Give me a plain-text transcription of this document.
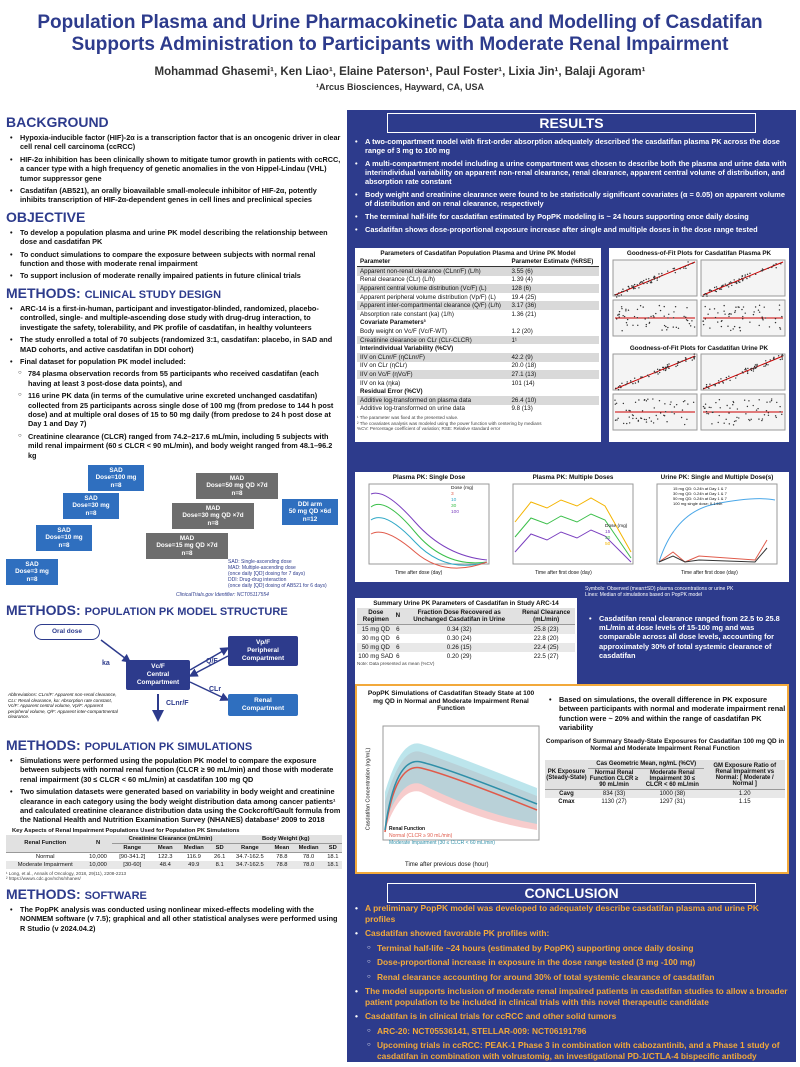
Population Plasma and Urine Pharmacokinetic Data and Modelling of Casdatifan
Supports Administration to Participants with Moderate Renal Impairment
Mohammad Ghasemi¹, Ken Liao¹, Elaine Paterson¹, Paul Foster¹, Lixia Jin¹, Balaji Agoram¹
¹Arcus Biosciences, Hayward, CA, USA
BACKGROUND
• Hypoxia-inducible factor (HIF)-2α is a transcription factor that is an oncogenic driver in clear cell renal cell carcinoma (ccRCC)
• HIF-2α inhibition has been clinically shown to mitigate tumor growth in patients with ccRCC, a cancer type with a high frequency of genetic anomalies in the von Hippel-Lindau (VHL) tumor suppressor gene
• Casdatifan (AB521), an orally bioavailable small-molecule inhibitor of HIF-2α, potently inhibits transcription of HIF-2α-dependent genes in cell lines and preclinical species
OBJECTIVE
• To develop a population plasma and urine PK model describing the relationship between dose and casdatifan PK
• To conduct simulations to compare the exposure between subjects with normal renal function and those with moderate renal impairment
• To support inclusion of moderate renally impaired patients in future clinical trials
METHODS: CLINICAL STUDY DESIGN
• ARC-14 is a first-in-human, participant and investigator-blinded, randomized, placebo-controlled, single- and multiple-ascending dose study with drug-drug interaction, to investigate the safety, tolerability, and PK profile of casdatifan, in healthy volunteers
• The study enrolled a total of 70 subjects (randomized 3:1, casdatifan: placebo, in SAD and MAD cohorts, and active casdatifan in DDI cohort)
• Final dataset for population PK model included:
○ 784 plasma observation records from 55 participants who received casdatifan (each having at least 3 post-dose data points), and
○ 116 urine PK data (in terms of the cumulative urine excreted unchanged casdatifan) collected from 25 participants across single dose of 100 mg (from predose to 144 h post dose) and at multiple oral doses of 15 to 50 mg daily (from predose to 24 h post dose at Day 1 and Day 7)
○ Creatinine clearance (CLCR) ranged from 74.2–217.6 mL/min, including 5 subjects with mild renal impairment (60 ≤ CLCR < 90 mL/min), and body weight ranged from 48.1–96.2 kg
SAD
Dose=100 mg
n=8
SAD
Dose=30 mg
n=8
SAD
Dose=10 mg
n=8
SAD
Dose=3 mg
n=8
MAD
Dose=50 mg QD ×7d
n=8
MAD
Dose=30 mg QD ×7d
n=8
MAD
Dose=15 mg QD ×7d
n=8
DDI arm
50 mg QD ×6d
n=12
SAD: Single-ascending dose
MAD: Multiple-ascending dose
(once daily [QD] dosing for 7 days)
DDI: Drug-drug interaction
(once daily [QD] dosing of AB521 for 6 days)
ClinicalTrials.gov Identifier: NCT05117554
METHODS: POPULATION PK MODEL STRUCTURE
Oral dose
Vc/F
Central
Compartment
Vp/F
Peripheral
Compartment
Renal
Compartment
ka	Q/F
CLr
CLnr/F
Abbreviations: CLnr/F: Apparent non-renal clearance, CLr: Renal clearance, ka: Absorption rate constant, Vc/F: Apparent central volume, Vp/F: Apparent peripheral volume, Q/F: Apparent inter-compartmental clearance.
METHODS: POPULATION PK SIMULATIONS
• Simulations were performed using the population PK model to compare the exposure between subjects with normal renal function (CLCR ≥ 90 mL/min) and those with moderate renal impairment (30 ≤ CLCR < 60 mL/min) at casdatifan 100 mg QD
• Two simulation datasets were generated based on variability in body weight and creatinine clearance in each category using the body weight distribution data among cancer patients¹ and calculated creatinine clearance distribution data using the Cockcroft/Gault formula from the National Health and Nutrition Examination Survey (NHANES) database² 2009 to 2018
Key Aspects of Renal Impairment Populations Used for Population PK Simulations
Renal Function	N	Creatinine Clearance (mL/min)				Body Weight (kg)			
		Range	Mean	Median	SD	Range	Mean	Median	SD
Normal	10,000	[90-341.2]	122.3	116.9	26.1	34.7-162.5	78.8	78.0	18.1
Moderate Impairment	10,000	[30-60]	48.4	49.9	8.1	34.7-162.5	78.8	78.0	18.1
¹ Long, et al., Annals of Oncology, 2018, 29(11), 2208-2213
² https://wwwn.cdc.gov/nchs/nhanes/
METHODS: SOFTWARE
• The PopPK analysis was conducted using nonlinear mixed-effects modeling with the NONMEM software (v 7.5); graphical and all other statistical analyses were performed using R Studio (v 2024.04.2)
RESULTS
• A two-compartment model with first-order absorption adequately described the casdatifan plasma PK across the dose range of 3 mg to 100 mg
• A multi-compartment model including a urine compartment was chosen to describe both the plasma and urine data with interindividual variability on apparent non-renal clearance, renal clearance, apparent central volume of distribution, and absorption rate constant
• Body weight and creatinine clearance were found to be statistically significant covariates (α = 0.05) on apparent volume of distribution and on renal clearance, respectively
• The terminal half-life for casdatifan estimated by PopPK modeling is ~ 24 hours supporting once daily dosing
• Casdatifan shows dose-proportional exposure increase after single and multiple doses in the dose range tested
Parameters of Casdatifan Population Plasma and Urine PK Model
Parameter	Parameter Estimate (%RSE)
Apparent non-renal clearance (CLnr/F) (L/h)	3.55 (6)
Renal clearance (CLr) (L/h)	1.39 (4)
Apparent central volume distribution (Vc/F) (L)	128 (6)
Apparent peripheral volume distribution (Vp/F) (L)	19.4 (25)
Apparent inter-compartmental clearance (Q/F) (L/h)	3.17 (36)
Absorption rate constant (ka) (1/h)	1.36 (21)
Covariate Parameters³	
Body weight on Vc/F (Vc/F-WT)	1.2 (20)
Creatinine clearance on CLr (CLr-CLCR)	1¹
Interindividual Variability (%CV)	
IIV on CLnr/F (ηCLnr/F)	42.2 (9)
IIV on CLr (ηCLr)	20.0 (18)
IIV on Vc/F (ηVc/F)	27.1 (13)
IIV on ka (ηka)	101 (14)
Residual Error (%CV)	
Additive log-transformed on plasma data	26.4 (10)
Additive log-transformed on urine data	9.8 (13)
¹ The parameter was fixed at the presented value.
² The covariates analysis was modeled using the power function with centering by medians
%CV: Percentage coefficient of variation; RSE: Relative standard error
Goodness-of-Fit Plots for Casdatifan Plasma PK
Goodness-of-Fit Plots for Casdatifan Urine PK
Plasma PK: Single Dose	Plasma PK: Multiple Doses	Urine PK: Single and Multiple Dose(s)
Time after dose (day)	Time after first dose (day)	Time after first dose (day)
Dose (mg)
3
10
30
100
Dose (mg)
15
30
50
15 mg QD: 0-24h at Day 1 & 7
30 mg QD: 0-24h at Day 1 & 7
50 mg QD: 0-24h at Day 1 & 7
100 mg single dose: 0-144h
Symbols: Observed (mean±SD) plasma concentrations or urine PK
Lines: Median of simulations based on PopPK model
Summary Urine PK Parameters of Casdatifan in Study ARC-14
Dose Regimen	N	Fraction Dose Recovered as Unchanged Casdatifan in Urine	Renal Clearance (mL/min)
15 mg QD	6	0.34 (32)	25.8 (23)
30 mg QD	6	0.30 (24)	22.8 (20)
50 mg QD	6	0.26 (15)	22.4 (25)
100 mg SAD	6	0.20 (29)	22.5 (27)
Note: Data presented as mean (%CV)
• Casdatifan renal clearance ranged from 22.5 to 25.8 mL/min at dose levels of 15-100 mg and was comparable across all dose levels, accounting for approximately 30% of total systemic clearance of casdatifan
PopPK Simulations of Casdatifan Steady State at 100 mg QD in Normal and Moderate Impairment Renal Function
Casdatifan Concentration (ng/mL)
Time after previous dose (hour)
Renal Function
Normal (CLCR ≥ 90 mL/min)
Moderate Impairment (30 ≤ CLCR < 60 mL/min)
• Based on simulations, the overall difference in PK exposure between participants with normal and moderate impairment renal function were ~ 20% and within the range of casdatifan PK variability
Comparison of Summary Steady-State Exposures for Casdatifan 100 mg QD in Normal and Moderate Impairment Renal Function
PK Exposure (Steady-State)	Cas Geometric Mean, ng/mL (%CV)		GM Exposure Ratio of Renal Impairment vs Normal: [ Moderate / Normal ]
	Normal Renal Function CLCR ≥ 90 mL/min	Moderate Renal Impairment 30 ≤ CLCR < 60 mL/min	
Cavg	834 (33)	1000 (38)	1.20
Cmax	1130 (27)	1297 (31)	1.15
CONCLUSION
• A preliminary PopPK model was developed to adequately describe casdatifan plasma and urine PK profiles
• Casdatifan showed favorable PK profiles with:
○ Terminal half-life ~24 hours (estimated by PopPK) supporting once daily dosing
○ Dose-proportional increase in exposure in the dose range tested (3 mg -100 mg)
○ Renal clearance accounting for around 30% of total systemic clearance of casdatifan
• The model supports inclusion of moderate renal impaired patients in casdatifan studies to allow a broader patient population to be included in clinical trials with this novel therapeutic candidate
• Casdatifan is in clinical trials for ccRCC and other solid tumors
○ ARC-20: NCT05536141, STELLAR-009: NCT06191796
○ Upcoming trials in ccRCC: PEAK-1 Phase 3 in combination with cabozantinib, and a Phase 1 study of casdatifan in combination with volrustomig, an investigational PD-1/CTLA-4 bispecific antibody
